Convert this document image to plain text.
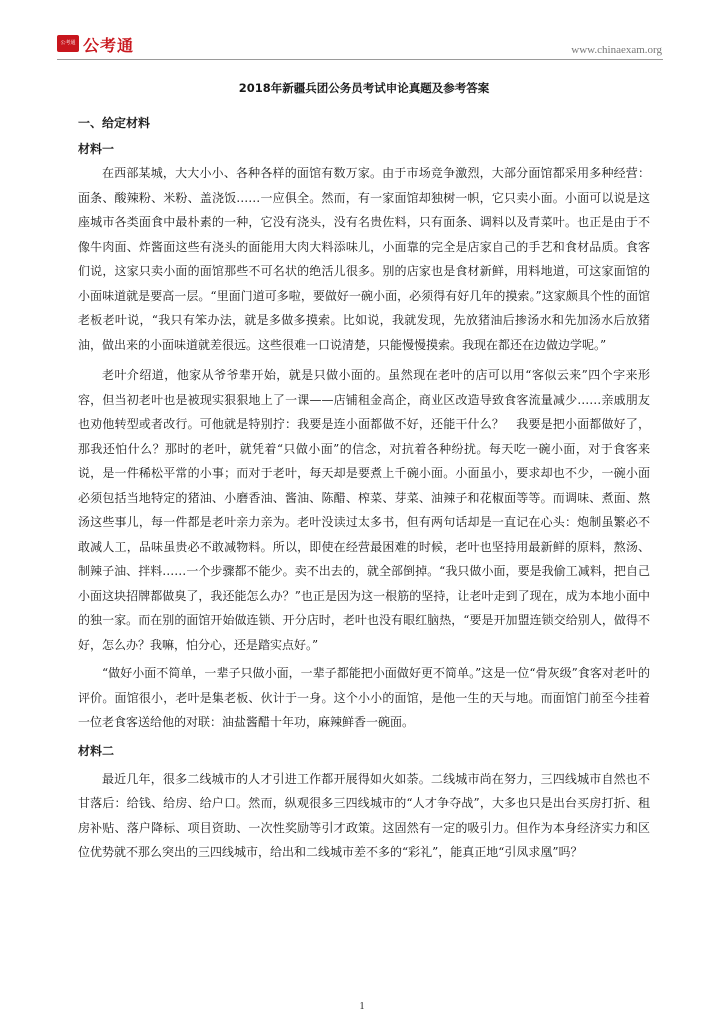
公考通 公考通	www.chinaexam.org
2018年新疆兵团公务员考试申论真题及参考答案
一、给定材料
材料一

在西部某城，大大小小、各种各样的面馆有数万家。由于市场竞争激烈，大部分面馆都采用多种经营：面条、酸辣粉、米粉、盖浇饭……一应俱全。然而，有一家面馆却独树一帜，它只卖小面。小面可以说是这座城市各类面食中最朴素的一种，它没有浇头，没有名贵佐料，只有面条、调料以及青菜叶。也正是由于不像牛肉面、炸酱面这些有浇头的面能用大肉大料添味儿，小面靠的完全是店家自己的手艺和食材品质。食客们说，这家只卖小面的面馆那些不可名状的绝活儿很多。别的店家也是食材新鲜，用料地道，可这家面馆的小面味道就是要高一层。“里面门道可多啦，要做好一碗小面，必须得有好几年的摸索。”这家颇具个性的面馆老板老叶说，“我只有笨办法，就是多做多摸索。比如说，我就发现，先放猪油后掺汤水和先加汤水后放猪油，做出来的小面味道就差很远。这些很难一口说清楚，只能慢慢摸索。我现在都还在边做边学呢。”

老叶介绍道，他家从爷爷辈开始，就是只做小面的。虽然现在老叶的店可以用“客似云来”四个字来形容，但当初老叶也是被现实狠狠地上了一课——店铺租金高企，商业区改造导致食客流量减少……亲戚朋友也劝他转型或者改行。可他就是特别拧：我要是连小面都做不好，还能干什么？　我要是把小面都做好了，那我还怕什么？那时的老叶，就凭着“只做小面”的信念，对抗着各种纷扰。每天吃一碗小面，对于食客来说，是一件稀松平常的小事；而对于老叶，每天却是要煮上千碗小面。小面虽小，要求却也不少，一碗小面必须包括当地特定的猪油、小磨香油、酱油、陈醋、榨菜、芽菜、油辣子和花椒面等等。而调味、煮面、熬汤这些事儿，每一件都是老叶亲力亲为。老叶没读过太多书，但有两句话却是一直记在心头：炮制虽繁必不敢减人工，品味虽贵必不敢减物料。所以，即使在经营最困难的时候，老叶也坚持用最新鲜的原料，熬汤、制辣子油、拌料……一个步骤都不能少。卖不出去的，就全部倒掉。“我只做小面，要是我偷工减料，把自己小面这块招牌都做臭了，我还能怎么办？”也正是因为这一根筋的坚持，让老叶走到了现在，成为本地小面中的独一家。而在别的面馆开始做连锁、开分店时，老叶也没有眼红脑热，“要是开加盟连锁交给别人，做得不好，怎么办？我嘛，怕分心，还是踏实点好。”

“做好小面不简单，一辈子只做小面，一辈子都能把小面做好更不简单。”这是一位“骨灰级”食客对老叶的评价。面馆很小，老叶是集老板、伙计于一身。这个小小的面馆，是他一生的天与地。而面馆门前至今挂着一位老食客送给他的对联：油盐酱醋十年功，麻辣鲜香一碗面。

材料二

最近几年，很多二线城市的人才引进工作都开展得如火如荼。二线城市尚在努力，三四线城市自然也不甘落后：给钱、给房、给户口。然而，纵观很多三四线城市的“人才争夺战”，大多也只是出台买房打折、租房补贴、落户降标、项目资助、一次性奖励等引才政策。这固然有一定的吸引力。但作为本身经济实力和区位优势就不那么突出的三四线城市，给出和二线城市差不多的“彩礼”，能真正地“引凤求凰”吗？

1
